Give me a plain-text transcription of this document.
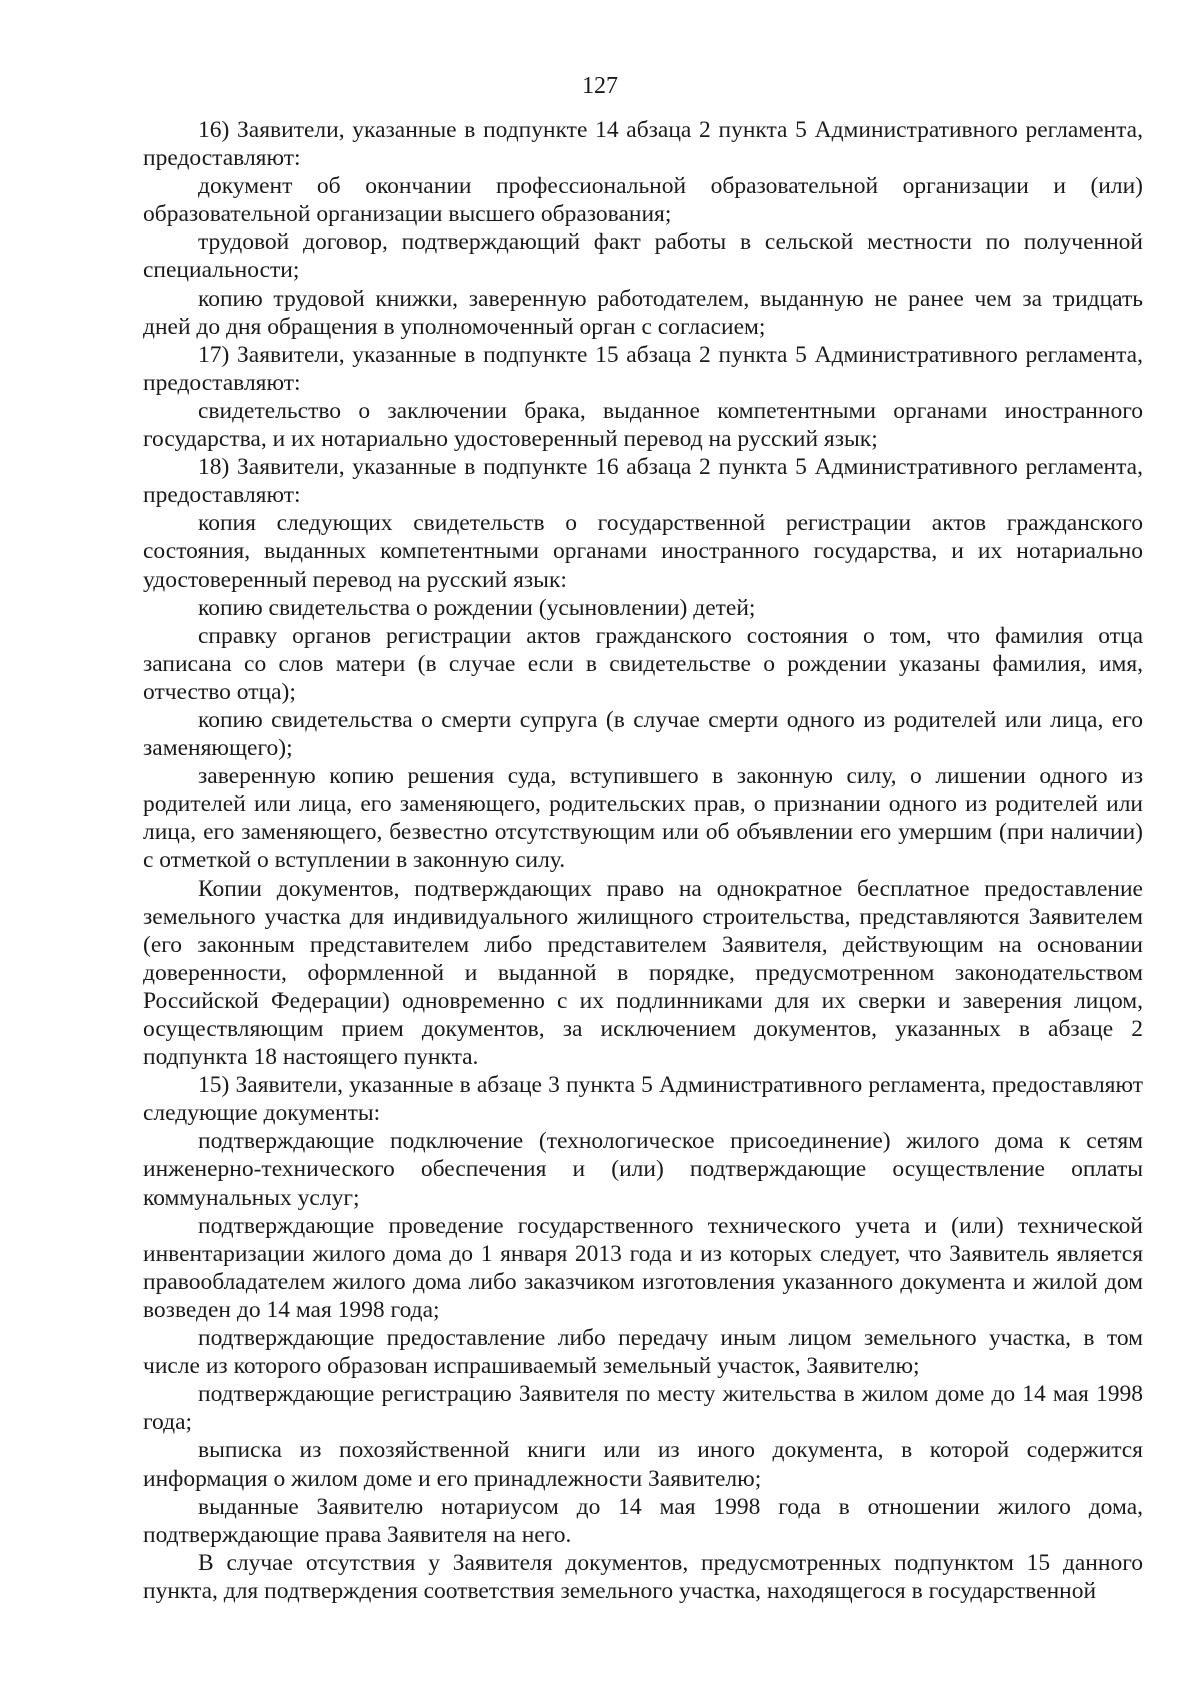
127

16) Заявители, указанные в подпункте 14 абзаца 2 пункта 5 Административного регламента, предоставляют:

документ об окончании профессиональной образовательной организации и (или) образовательной организации высшего образования;

трудовой договор, подтверждающий факт работы в сельской местности по полученной специальности;

копию трудовой книжки, заверенную работодателем, выданную не ранее чем за тридцать дней до дня обращения в уполномоченный орган с согласием;

17) Заявители, указанные в подпункте 15 абзаца 2 пункта 5 Административного регламента, предоставляют:

свидетельство о заключении брака, выданное компетентными органами иностранного государства, и их нотариально удостоверенный перевод на русский язык;

18) Заявители, указанные в подпункте 16 абзаца 2 пункта 5 Административного регламента, предоставляют:

копия следующих свидетельств о государственной регистрации актов гражданского состояния, выданных компетентными органами иностранного государства, и их нотариально удостоверенный перевод на русский язык:

копию свидетельства о рождении (усыновлении) детей;

справку органов регистрации актов гражданского состояния о том, что фамилия отца записана со слов матери (в случае если в свидетельстве о рождении указаны фамилия, имя, отчество отца);

копию свидетельства о смерти супруга (в случае смерти одного из родителей или лица, его заменяющего);

заверенную копию решения суда, вступившего в законную силу, о лишении одного из родителей или лица, его заменяющего, родительских прав, о признании одного из родителей или лица, его заменяющего, безвестно отсутствующим или об объявлении его умершим (при наличии) с отметкой о вступлении в законную силу.

Копии документов, подтверждающих право на однократное бесплатное предоставление земельного участка для индивидуального жилищного строительства, представляются Заявителем (его законным представителем либо представителем Заявителя, действующим на основании доверенности, оформленной и выданной в порядке, предусмотренном законодательством Российской Федерации) одновременно с их подлинниками для их сверки и заверения лицом, осуществляющим прием документов, за исключением документов, указанных в абзаце 2 подпункта 18 настоящего пункта.

15) Заявители, указанные в абзаце 3 пункта 5 Административного регламента, предоставляют следующие документы:

подтверждающие подключение (технологическое присоединение) жилого дома к сетям инженерно-технического обеспечения и (или) подтверждающие осуществление оплаты коммунальных услуг;

подтверждающие проведение государственного технического учета и (или) технической инвентаризации жилого дома до 1 января 2013 года и из которых следует, что Заявитель является правообладателем жилого дома либо заказчиком изготовления указанного документа и жилой дом возведен до 14 мая 1998 года;

подтверждающие предоставление либо передачу иным лицом земельного участка, в том числе из которого образован испрашиваемый земельный участок, Заявителю;

подтверждающие регистрацию Заявителя по месту жительства в жилом доме до 14 мая 1998 года;

выписка из похозяйственной книги или из иного документа, в которой содержится информация о жилом доме и его принадлежности Заявителю;

выданные Заявителю нотариусом до 14 мая 1998 года в отношении жилого дома, подтверждающие права Заявителя на него.

В случае отсутствия у Заявителя документов, предусмотренных подпунктом 15 данного пункта, для подтверждения соответствия земельного участка, находящегося в государственной
